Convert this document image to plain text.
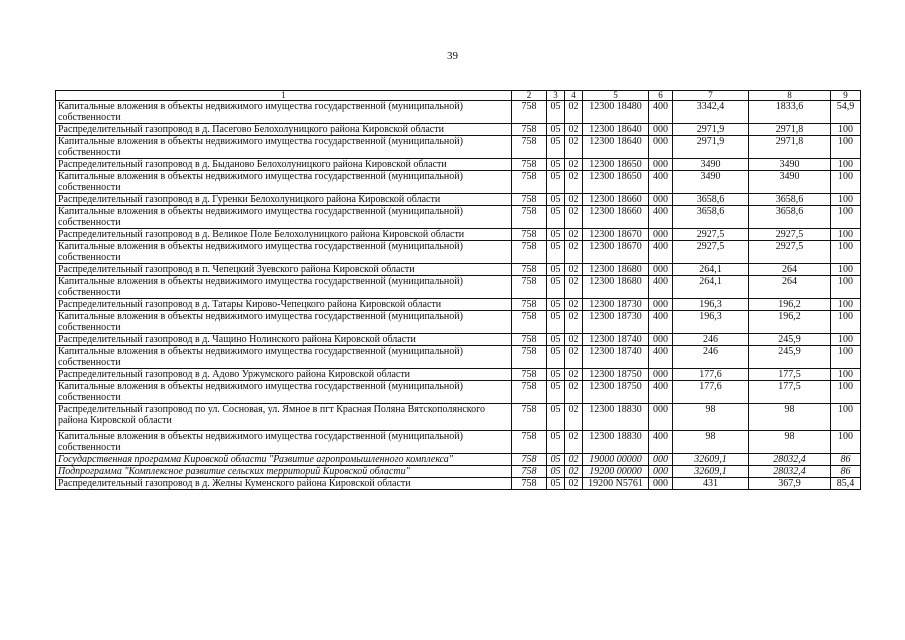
39
1	2	3	4	5	6	7	8	9
Капитальные вложения в объекты недвижимого имущества государственной (муниципальной) собственности	758	05	02	12300 18480	400	3342,4	1833,6	54,9
Распределительный газопровод в д. Пасегово Белохолуницкого района Кировской области	758	05	02	12300 18640	000	2971,9	2971,8	100
Капитальные вложения в объекты недвижимого имущества государственной (муниципальной) собственности	758	05	02	12300 18640	000	2971,9	2971,8	100
Распределительный газопровод в д. Быданово Белохолуницкого района Кировской области	758	05	02	12300 18650	000	3490	3490	100
Капитальные вложения в объекты недвижимого имущества государственной (муниципальной) собственности	758	05	02	12300 18650	400	3490	3490	100
Распределительный газопровод в д. Гуренки Белохолуницкого района Кировской области	758	05	02	12300 18660	000	3658,6	3658,6	100
Капитальные вложения в объекты недвижимого имущества государственной (муниципальной) собственности	758	05	02	12300 18660	400	3658,6	3658,6	100
Распределительный газопровод в д. Великое Поле Белохолуницкого района Кировской области	758	05	02	12300 18670	000	2927,5	2927,5	100
Капитальные вложения в объекты недвижимого имущества государственной (муниципальной) собственности	758	05	02	12300 18670	400	2927,5	2927,5	100
Распределительный газопровод в п. Чепецкий Зуевского района Кировской области	758	05	02	12300 18680	000	264,1	264	100
Капитальные вложения в объекты недвижимого имущества государственной (муниципальной) собственности	758	05	02	12300 18680	400	264,1	264	100
Распределительный газопровод в д. Татары Кирово-Чепецкого района Кировской области	758	05	02	12300 18730	000	196,3	196,2	100
Капитальные вложения в объекты недвижимого имущества государственной (муниципальной) собственности	758	05	02	12300 18730	400	196,3	196,2	100
Распределительный газопровод в д. Чащино Нолинского района Кировской области	758	05	02	12300 18740	000	246	245,9	100
Капитальные вложения в объекты недвижимого имущества государственной (муниципальной) собственности	758	05	02	12300 18740	400	246	245,9	100
Распределительный газопровод в д. Адово Уржумского района Кировской области	758	05	02	12300 18750	000	177,6	177,5	100
Капитальные вложения в объекты недвижимого имущества государственной (муниципальной) собственности	758	05	02	12300 18750	400	177,6	177,5	100
Распределительный газопровод по ул. Сосновая, ул. Ямное в пгт Красная Поляна Вятскополянского района Кировской области	758	05	02	12300 18830	000	98	98	100
Капитальные вложения в объекты недвижимого имущества государственной (муниципальной) собственности	758	05	02	12300 18830	400	98	98	100
Государственная программа Кировской области "Развитие агропромышленного комплекса"	758	05	02	19000 00000	000	32609,1	28032,4	86
Подпрограмма "Комплексное развитие сельских территорий Кировской области"	758	05	02	19200 00000	000	32609,1	28032,4	86
Распределительный газопровод в д. Желны Куменского района Кировской области	758	05	02	19200 N5761	000	431	367,9	85,4
